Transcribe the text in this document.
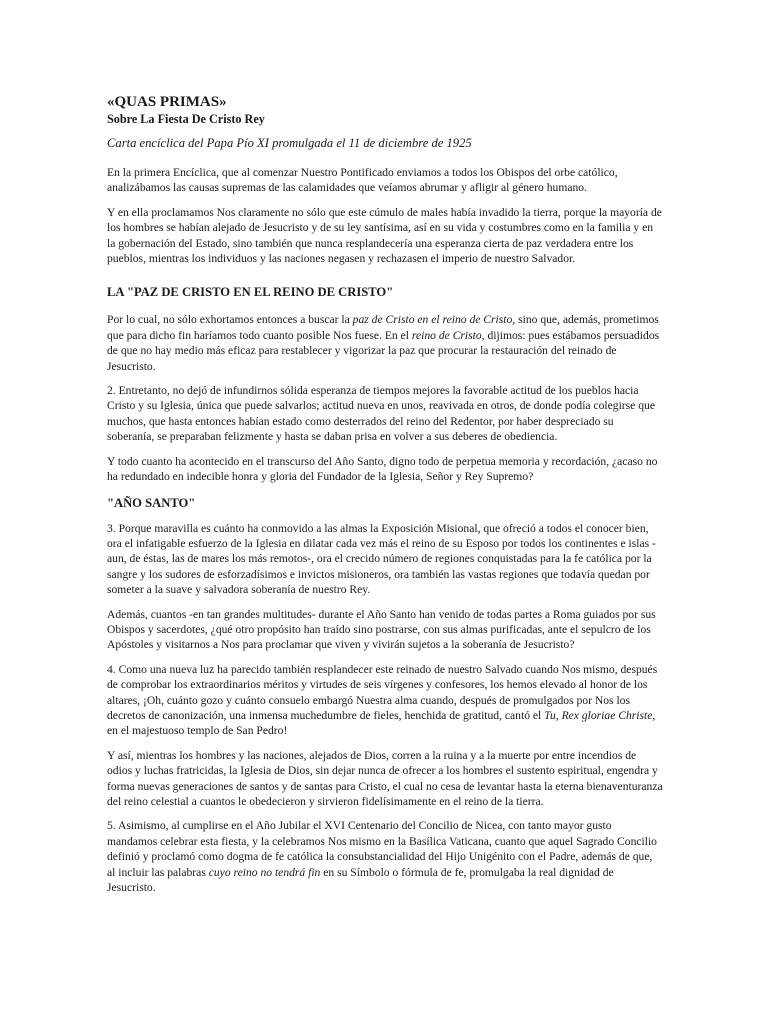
«QUAS PRIMAS»
Sobre La Fiesta De Cristo Rey
Carta encíclica del Papa Pío XI promulgada el 11 de diciembre de 1925

En la primera Encíclica, que al comenzar Nuestro Pontificado enviamos a todos los Obispos del orbe católico, analizábamos las causas supremas de las calamidades que veíamos abrumar y afligir al género humano.

Y en ella proclamamos Nos claramente no sólo que este cúmulo de males había invadido la tierra, porque la mayoría de los hombres se habían alejado de Jesucristo y de su ley santísima, así en su vida y costumbres como en la familia y en la gobernación del Estado, sino también que nunca resplandecería una esperanza cierta de paz verdadera entre los pueblos, mientras los individuos y las naciones negasen y rechazasen el imperio de nuestro Salvador.

LA "PAZ DE CRISTO EN EL REINO DE CRISTO"

Por lo cual, no sólo exhortamos entonces a buscar la paz de Cristo en el reino de Cristo, sino que, además, prometimos que para dicho fin haríamos todo cuanto posible Nos fuese. En el reino de Cristo, dijimos: pues estábamos persuadidos de que no hay medio más eficaz para restablecer y vigorizar la paz que procurar la restauración del reinado de Jesucristo.

2. Entretanto, no dejó de infundirnos sólida esperanza de tiempos mejores la favorable actitud de los pueblos hacia Cristo y su Iglesia, única que puede salvarlos; actitud nueva en unos, reavivada en otros, de donde podía colegirse que muchos, que hasta entonces habían estado como desterrados del reino del Redentor, por haber despreciado su soberanía, se preparaban felizmente y hasta se daban prisa en volver a sus deberes de obediencia.

Y todo cuanto ha acontecido en el transcurso del Año Santo, digno todo de perpetua memoria y recordación, ¿acaso no ha redundado en indecible honra y gloria del Fundador de la Iglesia, Señor y Rey Supremo?

"AÑO SANTO"

3. Porque maravilla es cuánto ha conmovido a las almas la Exposición Misional, que ofreció a todos el conocer bien, ora el infatigable esfuerzo de la Iglesia en dilatar cada vez más el reino de su Esposo por todos los continentes e islas -aun, de éstas, las de mares los más remotos-, ora el crecido número de regiones conquistadas para la fe católica por la sangre y los sudores de esforzadísimos e invictos misioneros, ora también las vastas regiones que todavía quedan por someter a la suave y salvadora soberanía de nuestro Rey.

Además, cuantos -en tan grandes multitudes- durante el Año Santo han venido de todas partes a Roma guiados por sus Obispos y sacerdotes, ¿qué otro propósito han traído sino postrarse, con sus almas purificadas, ante el sepulcro de los Apóstoles y visitarnos a Nos para proclamar que viven y vivirán sujetos a la soberanía de Jesucristo?

4. Como una nueva luz ha parecido también resplandecer este reinado de nuestro Salvado cuando Nos mismo, después de comprobar los extraordinarios méritos y virtudes de seis vírgenes y confesores, los hemos elevado al honor de los altares, ¡Oh, cuánto gozo y cuánto consuelo embargó Nuestra alma cuando, después de promulgados por Nos los decretos de canonización, una inmensa muchedumbre de fieles, henchida de gratitud, cantó el Tu, Rex gloriae Christe, en el majestuoso templo de San Pedro!

Y así, mientras los hombres y las naciones, alejados de Dios, corren a la ruina y a la muerte por entre incendios de odios y luchas fratricidas, la Iglesia de Dios, sin dejar nunca de ofrecer a los hombres el sustento espiritual, engendra y forma nuevas generaciones de santos y de santas para Cristo, el cual no cesa de levantar hasta la eterna bienaventuranza del reino celestial a cuantos le obedecieron y sirvieron fidelísimamente en el reino de la tierra.

5. Asimismo, al cumplirse en el Año Jubilar el XVI Centenario del Concilio de Nicea, con tanto mayor gusto mandamos celebrar esta fiesta, y la celebramos Nos mismo en la Basílica Vaticana, cuanto que aquel Sagrado Concilio definió y proclamó como dogma de fe católica la consubstancialidad del Hijo Unigénito con el Padre, además de que, al incluir las palabras cuyo reino no tendrá fin en su Símbolo o fórmula de fe, promulgaba la real dignidad de Jesucristo.
